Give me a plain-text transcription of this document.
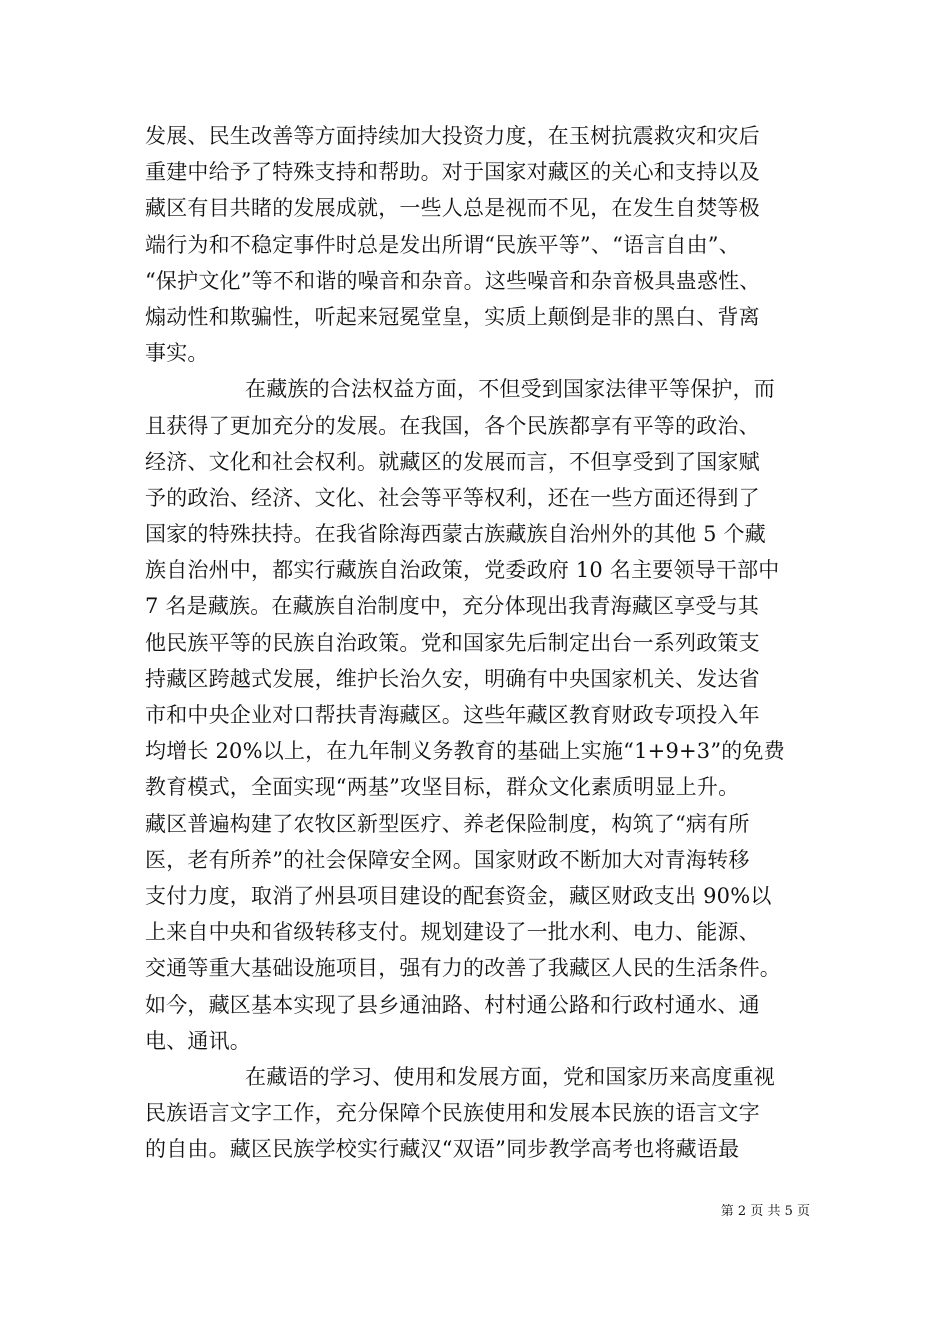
发展、民生改善等方面持续加大投资力度，在玉树抗震救灾和灾后
重建中给予了特殊支持和帮助。对于国家对藏区的关心和支持以及
藏区有目共睹的发展成就，一些人总是视而不见，在发生自焚等极
端行为和不稳定事件时总是发出所谓“民族平等”、“语言自由”、
“保护文化”等不和谐的噪音和杂音。这些噪音和杂音极具蛊惑性、
煽动性和欺骗性，听起来冠冕堂皇，实质上颠倒是非的黑白、背离
事实。
在藏族的合法权益方面，不但受到国家法律平等保护，而
且获得了更加充分的发展。在我国，各个民族都享有平等的政治、
经济、文化和社会权利。就藏区的发展而言，不但享受到了国家赋
予的政治、经济、文化、社会等平等权利，还在一些方面还得到了
国家的特殊扶持。在我省除海西蒙古族藏族自治州外的其他 5 个藏
族自治州中，都实行藏族自治政策，党委政府 10 名主要领导干部中
7 名是藏族。在藏族自治制度中，充分体现出我青海藏区享受与其
他民族平等的民族自治政策。党和国家先后制定出台一系列政策支
持藏区跨越式发展，维护长治久安，明确有中央国家机关、发达省
市和中央企业对口帮扶青海藏区。这些年藏区教育财政专项投入年
均增长 20%以上，在九年制义务教育的基础上实施“1+9+3”的免费
教育模式，全面实现“两基”攻坚目标，群众文化素质明显上升。
藏区普遍构建了农牧区新型医疗、养老保险制度，构筑了“病有所
医，老有所养”的社会保障安全网。国家财政不断加大对青海转移
支付力度，取消了州县项目建设的配套资金，藏区财政支出 90%以
上来自中央和省级转移支付。规划建设了一批水利、电力、能源、
交通等重大基础设施项目，强有力的改善了我藏区人民的生活条件。
如今，藏区基本实现了县乡通油路、村村通公路和行政村通水、通
电、通讯。
在藏语的学习、使用和发展方面，党和国家历来高度重视
民族语言文字工作，充分保障个民族使用和发展本民族的语言文字
的自由。藏区民族学校实行藏汉“双语”同步教学高考也将藏语最
第 2 页 共 5 页
